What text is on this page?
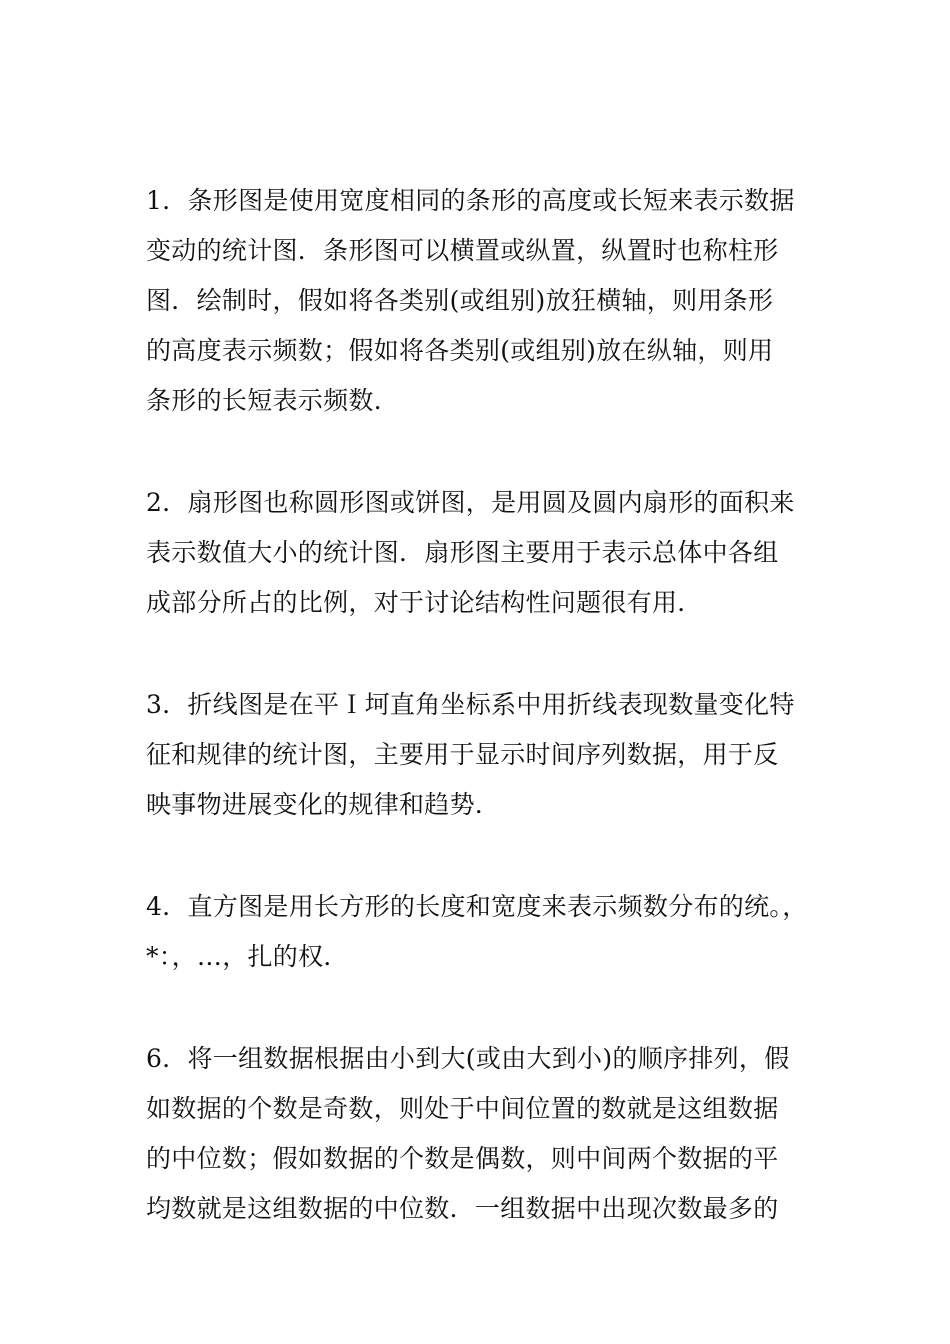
1．条形图是使用宽度相同的条形的高度或长短来表示数据
变动的统计图．条形图可以横置或纵置，纵置时也称柱形
图．绘制时，假如将各类别(或组别)放狂横轴，则用条形
的高度表示频数；假如将各类别(或组别)放在纵轴，则用
条形的长短表示频数．

2．扇形图也称圆形图或饼图，是用圆及圆内扇形的面积来
表示数值大小的统计图．扇形图主要用于表示总体中各组
成部分所占的比例，对于讨论结构性问题很有用．

3．折线图是在平Ｉ坷直角坐标系中用折线表现数量变化特
征和规律的统计图，主要用于显示时间序列数据，用于反
映事物进展变化的规律和趋势．

4．直方图是用长方形的长度和宽度来表示频数分布的统。，
*：，…，扎的权．

6．将一组数据根据由小到大(或由大到小)的顺序排列，假
如数据的个数是奇数，则处于中间位置的数就是这组数据
的中位数；假如数据的个数是偶数，则中间两个数据的平
均数就是这组数据的中位数．一组数据中出现次数最多的
